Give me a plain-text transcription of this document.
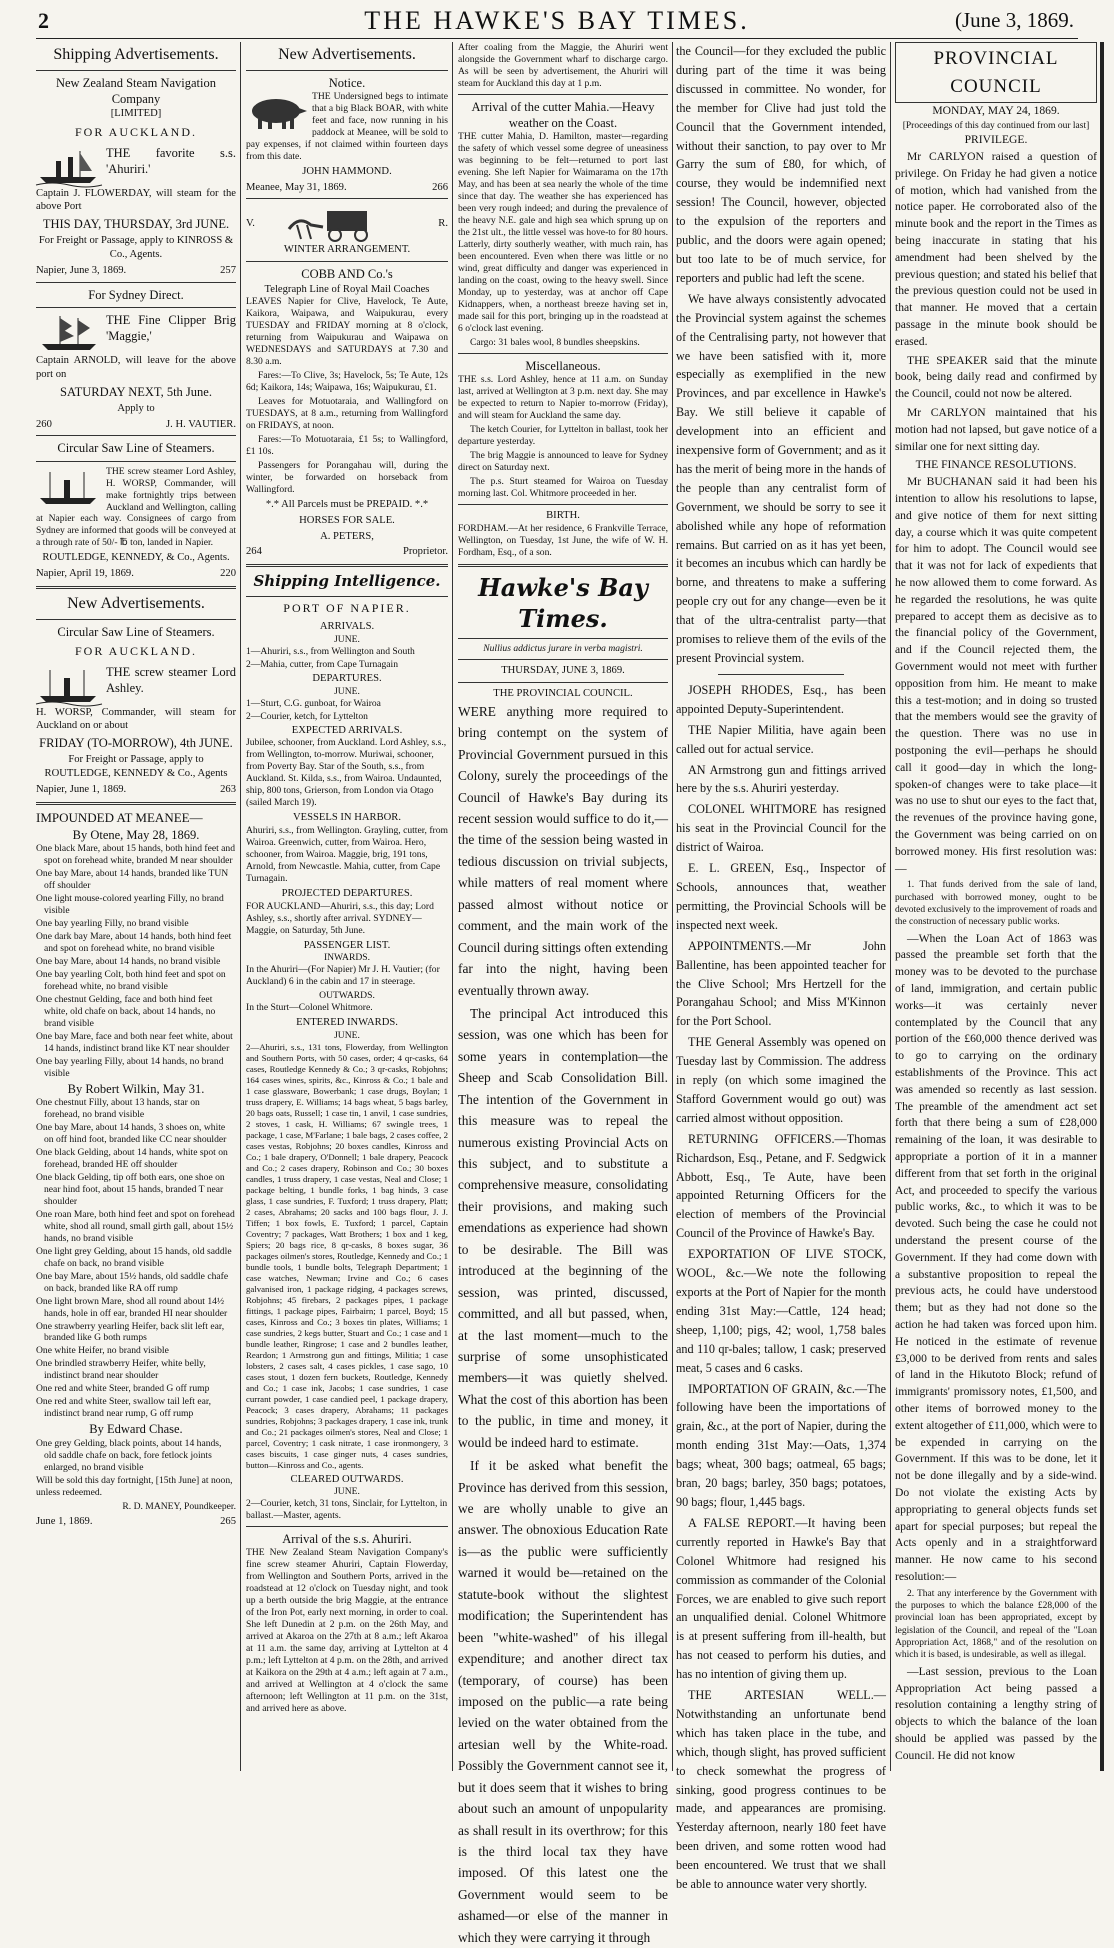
2	THE HAWKE'S BAY TIMES.	(June 3, 1869.
Shipping Advertisements.
New Zealand Steam Navigation Company
[LIMITED]
FOR AUCKLAND.

THE favorite s.s. 'Ahuriri.'

Captain J. FLOWERDAY, will steam for the above Port

THIS DAY, THURSDAY, 3rd JUNE.

For Freight or Passage, apply to KINROSS & Co., Agents.

Napier, June 3, 1869.	257
For Sydney Direct.

THE Fine Clipper Brig 'Maggie,'

Captain ARNOLD, will leave for the above port on

SATURDAY NEXT, 5th June.

Apply to

260	J. H. VAUTIER.
Circular Saw Line of Steamers.

THE screw steamer Lord Ashley, H. WORSP, Commander, will make fortnightly trips between Auckland and Wellington, calling at Napier each way. Consignees of cargo from Sydney are informed that goods will be conveyed at a through rate of 50/- ℔ ton, landed in Napier.

ROUTLEDGE, KENNEDY, & Co., Agents.

Napier, April 19, 1869.	220
New Advertisements.
Circular Saw Line of Steamers.
FOR AUCKLAND.

THE screw steamer Lord Ashley.

H. WORSP, Commander, will steam for Auckland on or about

FRIDAY (TO-MORROW), 4th JUNE.

For Freight or Passage, apply to ROUTLEDGE, KENNEDY & Co., Agents

Napier, June 1, 1869.	263
IMPOUNDED AT MEANEE—
By Otene, May 28, 1869.
One black Mare, about 15 hands, both hind feet and spot on forehead white, branded M near shoulder
One bay Mare, about 14 hands, branded like TUN off shoulder
One light mouse-colored yearling Filly, no brand visible
One bay yearling Filly, no brand visible
One dark bay Mare, about 14 hands, both hind feet and spot on forehead white, no brand visible
One bay Mare, about 14 hands, no brand visible
One bay yearling Colt, both hind feet and spot on forehead white, no brand visible
One chestnut Gelding, face and both hind feet white, old chafe on back, about 14 hands, no brand visible
One bay Mare, face and both near feet white, about 14 hands, indistinct brand like KT near shoulder
One bay yearling Filly, about 14 hands, no brand visible
By Robert Wilkin, May 31.
One chestnut Filly, about 13 hands, star on forehead, no brand visible
One bay Mare, about 14 hands, 3 shoes on, white on off hind foot, branded like CC near shoulder
One black Gelding, about 14 hands, white spot on forehead, branded HE off shoulder
One black Gelding, tip off both ears, one shoe on near hind foot, about 15 hands, branded T near shoulder
One roan Mare, both hind feet and spot on forehead white, shod all round, small girth gall, about 15½ hands, no brand visible
One light grey Gelding, about 15 hands, old saddle chafe on back, no brand visible
One bay Mare, about 15½ hands, old saddle chafe on back, branded like RA off rump
One light brown Mare, shod all round about 14½ hands, hole in off ear, branded HI near shoulder
One strawberry yearling Heifer, back slit left ear, branded like G both rumps
One white Heifer, no brand visible
One brindled strawberry Heifer, white belly, indistinct brand near shoulder
One red and white Steer, branded G off rump
One red and white Steer, swallow tail left ear, indistinct brand near rump, G off rump
By Edward Chase.
One grey Gelding, black points, about 14 hands, old saddle chafe on back, fore fetlock joints enlarged, no brand visible

Will be sold this day fortnight, [15th June] at noon, unless redeemed.

R. D. MANEY, Poundkeeper.

June 1, 1869.	265
New Advertisements.
Notice.

THE Undersigned begs to intimate that a big Black BOAR, with white feet and face, now running in his paddock at Meanee, will be sold to pay expenses, if not claimed within fourteen days from this date.

JOHN HAMMOND.

Meanee, May 31, 1869.	266
V.	R.
WINTER ARRANGEMENT.
COBB AND Co.'s
Telegraph Line of Royal Mail Coaches

LEAVES Napier for Clive, Havelock, Te Aute, Kaikora, Waipawa, and Waipukurau, every TUESDAY and FRIDAY morning at 8 o'clock, returning from Waipukurau and Waipawa on WEDNESDAYS and SATURDAYS at 7.30 and 8.30 a.m.

Fares:—To Clive, 3s; Havelock, 5s; Te Aute, 12s 6d; Kaikora, 14s; Waipawa, 16s; Waipukurau, £1.

Leaves for Motuotaraia, and Wallingford on TUESDAYS, at 8 a.m., returning from Wallingford on FRIDAYS, at noon.

Fares:—To Motuotaraia, £1 5s; to Wallingford, £1 10s.

Passengers for Porangahau will, during the winter, be forwarded on horseback from Wallingford.

*.* All Parcels must be PREPAID. *.*

HORSES FOR SALE.

A. PETERS,

264	Proprietor.
Shipping Intelligence.
PORT OF NAPIER.
ARRIVALS.
JUNE.
1—Ahuriri, s.s., from Wellington and South
2—Mahia, cutter, from Cape Turnagain
DEPARTURES.
JUNE.
1—Sturt, C.G. gunboat, for Wairoa
2—Courier, ketch, for Lyttelton
EXPECTED ARRIVALS.

Jubilee, schooner, from Auckland. Lord Ashley, s.s., from Wellington, to-morrow. Muriwai, schooner, from Poverty Bay. Star of the South, s.s., from Auckland. St. Kilda, s.s., from Wairoa. Undaunted, ship, 800 tons, Grierson, from London via Otago (sailed March 19).

VESSELS IN HARBOR.

Ahuriri, s.s., from Wellington. Grayling, cutter, from Wairoa. Greenwich, cutter, from Wairoa. Hero, schooner, from Wairoa. Maggie, brig, 191 tons, Arnold, from Newcastle. Mahia, cutter, from Cape Turnagain.

PROJECTED DEPARTURES.

FOR AUCKLAND—Ahuriri, s.s., this day; Lord Ashley, s.s., shortly after arrival. SYDNEY—Maggie, on Saturday, 5th June.

PASSENGER LIST.
INWARDS.

In the Ahuriri—(For Napier) Mr J. H. Vautier; (for Auckland) 6 in the cabin and 17 in steerage.

OUTWARDS.

In the Sturt—Colonel Whitmore.

ENTERED INWARDS.
JUNE.

2—Ahuriri, s.s., 131 tons, Flowerday, from Wellington and Southern Ports, with 50 cases, order; 4 qr-casks, 64 cases, Routledge Kennedy & Co.; 3 qr-casks, Robjohns; 164 cases wines, spirits, &c., Kinross & Co.; 1 bale and 1 case glassware, Bowerbank; 1 case drugs, Boylan; 1 truss drapery, E. Williams; 14 bags wheat, 5 bags barley, 20 bags oats, Russell; 1 case tin, 1 anvil, 1 case sundries, 2 stoves, 1 cask, H. Williams; 67 swingle trees, 1 package, 1 case, M'Farlane; 1 bale bags, 2 cases coffee, 2 cases vestas, Robjohns; 20 boxes candles, Kinross and Co.; 1 bale drapery, O'Donnell; 1 bale drapery, Peacock and Co.; 2 cases drapery, Robinson and Co.; 30 boxes candles, 1 truss drapery, 1 case vestas, Neal and Close; 1 package belting, 1 bundle forks, 1 bag hinds, 3 case glass, 1 case sundries, F. Tuxford; 1 truss drapery, Platt; 2 cases, Abrahams; 20 sacks and 100 bags flour, J. J. Tiffen; 1 box fowls, E. Tuxford; 1 parcel, Captain Coventry; 7 packages, Watt Brothers; 1 box and 1 keg, Spiers; 20 bags rice, 8 qr-casks, 8 boxes sugar, 36 packages oilmen's stores, Routledge, Kennedy and Co.; 1 bundle tools, 1 bundle bolts, Telegraph Department; 1 case watches, Newman; Irvine and Co.; 6 cases galvanised iron, 1 package ridging, 4 packages screws, Robjohns; 45 firebars, 2 packages pipes, 1 package fittings, 1 package pipes, Fairbairn; 1 parcel, Boyd; 15 cases, Kinross and Co.; 3 boxes tin plates, Williams; 1 case sundries, 2 kegs butter, Stuart and Co.; 1 case and 1 bundle leather, Ringrose; 1 case and 2 bundles leather, Reardon; 1 Armstrong gun and fittings, Militia; 1 case lobsters, 2 cases salt, 4 cases pickles, 1 case sago, 10 cases stout, 1 dozen fern buckets, Routledge, Kennedy and Co.; 1 case ink, Jacobs; 1 case sundries, 1 case currant powder, 1 case candied peel, 1 package drapery, Peacock; 3 cases drapery, Abrahams; 11 packages sundries, Robjohns; 3 packages drapery, 1 case ink, trunk and Co.; 21 packages oilmen's stores, Neal and Close; 1 parcel, Coventry; 1 cask nitrate, 1 case ironmongery, 3 cases biscuits, 1 case ginger nuts, 4 cases sundries, button—Kinross and Co., agents.

CLEARED OUTWARDS.
JUNE.

2—Courier, ketch, 31 tons, Sinclair, for Lyttelton, in ballast.—Master, agents.

Arrival of the s.s. Ahuriri.

THE New Zealand Steam Navigation Company's fine screw steamer Ahuriri, Captain Flowerday, from Wellington and Southern Ports, arrived in the roadstead at 12 o'clock on Tuesday night, and took up a berth outside the brig Maggie, at the entrance of the Iron Pot, early next morning, in order to coal. She left Dunedin at 2 p.m. on the 26th May, and arrived at Akaroa on the 27th at 8 a.m.; left Akaroa at 11 a.m. the same day, arriving at Lyttelton at 4 p.m.; left Lyttelton at 4 p.m. on the 28th, and arrived at Kaikora on the 29th at 4 a.m.; left again at 7 a.m., and arrived at Wellington at 4 o'clock the same afternoon; left Wellington at 11 p.m. on the 31st, and arrived here as above.

After coaling from the Maggie, the Ahuriri went alongside the Government wharf to discharge cargo. As will be seen by advertisement, the Ahuriri will steam for Auckland this day at 1 p.m.

Arrival of the cutter Mahia.—Heavy weather on the Coast.

THE cutter Mahia, D. Hamilton, master—regarding the safety of which vessel some degree of uneasiness was beginning to be felt—returned to port last evening. She left Napier for Waimarama on the 17th May, and has been at sea nearly the whole of the time since that day. The weather she has experienced has been very rough indeed; and during the prevalence of the heavy N.E. gale and high sea which sprung up on the 21st ult., the little vessel was hove-to for 80 hours. Latterly, dirty southerly weather, with much rain, has been encountered. Even when there was little or no wind, great difficulty and danger was experienced in landing on the coast, owing to the heavy swell. Since Monday, up to yesterday, was at anchor off Cape Kidnappers, when, a northeast breeze having set in, made sail for this port, bringing up in the roadstead at 6 o'clock last evening.

Cargo: 31 bales wool, 8 bundles sheepskins.

Miscellaneous.

THE s.s. Lord Ashley, hence at 11 a.m. on Sunday last, arrived at Wellington at 3 p.m. next day. She may be expected to return to Napier to-morrow (Friday), and will steam for Auckland the same day.

The ketch Courier, for Lyttelton in ballast, took her departure yesterday.

The brig Maggie is announced to leave for Sydney direct on Saturday next.

The p.s. Sturt steamed for Wairoa on Tuesday morning last. Col. Whitmore proceeded in her.

BIRTH.

FORDHAM.—At her residence, 6 Frankville Terrace, Wellington, on Tuesday, 1st June, the wife of W. H. Fordham, Esq., of a son.

Hawke's Bay Times.
Nullius addictus jurare in verba magistri.
THURSDAY, JUNE 3, 1869.
THE PROVINCIAL COUNCIL.

WERE anything more required to bring contempt on the system of Provincial Government pursued in this Colony, surely the proceedings of the Council of Hawke's Bay during its recent session would suffice to do it,—the time of the session being wasted in tedious discussion on trivial subjects, while matters of real moment where passed almost without notice or comment, and the main work of the Council during sittings often extending far into the night, having been eventually thrown away.

The principal Act introduced this session, was one which has been for some years in contemplation—the Sheep and Scab Consolidation Bill. The intention of the Government in this measure was to repeal the numerous existing Provincial Acts on this subject, and to substitute a comprehensive measure, consolidating their provisions, and making such emendations as experience had shown to be desirable. The Bill was introduced at the beginning of the session, was printed, discussed, committed, and all but passed, when, at the last moment—much to the surprise of some unsophisticated members—it was quietly shelved. What the cost of this abortion has been to the public, in time and money, it would be indeed hard to estimate.

If it be asked what benefit the Province has derived from this session, we are wholly unable to give an answer. The obnoxious Education Rate is—as the public were sufficiently warned it would be—retained on the statute-book without the slightest modification; the Superintendent has been "white-washed" of his illegal expenditure; and another direct tax (temporary, of course) has been imposed on the public—a rate being levied on the water obtained from the artesian well by the White-road. Possibly the Government cannot see it, but it does seem that it wishes to bring about such an amount of unpopularity as shall result in its overthrow; for this is the third local tax they have imposed. Of this latest one the Government would seem to be ashamed—or else of the manner in which they were carrying it through

the Council—for they excluded the public during part of the time it was being discussed in committee. No wonder, for the member for Clive had just told the Council that the Government intended, without their sanction, to pay over to Mr Garry the sum of £80, for which, of course, they would be indemnified next session! The Council, however, objected to the expulsion of the reporters and public, and the doors were again opened; but too late to be of much service, for reporters and public had left the scene.

We have always consistently advocated the Provincial system against the schemes of the Centralising party, not however that we have been satisfied with it, more especially as exemplified in the new Provinces, and par excellence in Hawke's Bay. We still believe it capable of development into an efficient and inexpensive form of Government; and as it has the merit of being more in the hands of the people than any centralist form of Government, we should be sorry to see it abolished while any hope of reformation remains. But carried on as it has yet been, it becomes an incubus which can hardly be borne, and threatens to make a suffering people cry out for any change—even be it that of the ultra-centralist party—that promises to relieve them of the evils of the present Provincial system.

JOSEPH RHODES, Esq., has been appointed Deputy-Superintendent.

THE Napier Militia, have again been called out for actual service.

AN Armstrong gun and fittings arrived here by the s.s. Ahuriri yesterday.

COLONEL WHITMORE has resigned his seat in the Provincial Council for the district of Wairoa.

E. L. GREEN, Esq., Inspector of Schools, announces that, weather permitting, the Provincial Schools will be inspected next week.

APPOINTMENTS.—Mr John Ballentine, has been appointed teacher for the Clive School; Mrs Hertzell for the Porangahau School; and Miss M'Kinnon for the Port School.

THE General Assembly was opened on Tuesday last by Commission. The address in reply (on which some imagined the Stafford Government would go out) was carried almost without opposition.

RETURNING OFFICERS.—Thomas Richardson, Esq., Petane, and F. Sedgwick Abbott, Esq., Te Aute, have been appointed Returning Officers for the election of members of the Provincial Council of the Province of Hawke's Bay.

EXPORTATION OF LIVE STOCK, WOOL, &c.—We note the following exports at the Port of Napier for the month ending 31st May:—Cattle, 124 head; sheep, 1,100; pigs, 42; wool, 1,758 bales and 110 qr-bales; tallow, 1 cask; preserved meat, 5 cases and 6 casks.

IMPORTATION OF GRAIN, &c.—The following have been the importations of grain, &c., at the port of Napier, during the month ending 31st May:—Oats, 1,374 bags; wheat, 300 bags; oatmeal, 65 bags; bran, 20 bags; barley, 350 bags; potatoes, 90 bags; flour, 1,445 bags.

A FALSE REPORT.—It having been currently reported in Hawke's Bay that Colonel Whitmore had resigned his commission as commander of the Colonial Forces, we are enabled to give such report an unqualified denial. Colonel Whitmore is at present suffering from ill-health, but has not ceased to perform his duties, and has no intention of giving them up.

THE ARTESIAN WELL.—Notwithstanding an unfortunate bend which has taken place in the tube, and which, though slight, has proved sufficient to check somewhat the progress of sinking, good progress continues to be made, and appearances are promising. Yesterday afternoon, nearly 180 feet have been driven, and some rotten wood had been encountered. We trust that we shall be able to announce water very shortly.

PROVINCIAL COUNCIL
MONDAY, MAY 24, 1869.
[Proceedings of this day continued from our last]
PRIVILEGE.

Mr CARLYON raised a question of privilege. On Friday he had given a notice of motion, which had vanished from the notice paper. He corroborated also of the minute book and the report in the Times as being inaccurate in stating that his amendment had been shelved by the previous question; and stated his belief that the previous question could not be used in that manner. He moved that a certain passage in the minute book should be erased.

THE SPEAKER said that the minute book, being daily read and confirmed by the Council, could not now be altered.

Mr CARLYON maintained that his motion had not lapsed, but gave notice of a similar one for next sitting day.

THE FINANCE RESOLUTIONS.

Mr BUCHANAN said it had been his intention to allow his resolutions to lapse, and give notice of them for next sitting day, a course which it was quite competent for him to adopt. The Council would see that it was not for lack of expedients that he now allowed them to come forward. As he regarded the resolutions, he was quite prepared to accept them as decisive as to the financial policy of the Government, and if the Council rejected them, the Government would not meet with further opposition from him. He meant to make this a test-motion; and in doing so trusted that the members would see the gravity of the question. There was no use in postponing the evil—perhaps he should call it good—day in which the long-spoken-of changes were to take place—it was no use to shut our eyes to the fact that, the revenues of the province having gone, the Government was being carried on on borrowed money. His first resolution was:—

1. That funds derived from the sale of land, purchased with borrowed money, ought to be devoted exclusively to the improvement of roads and the construction of necessary public works.

—When the Loan Act of 1863 was passed the preamble set forth that the money was to be devoted to the purchase of land, immigration, and certain public works—it was certainly never contemplated by the Council that any portion of the £60,000 thence derived was to go to carrying on the ordinary establishments of the Province. This act was amended so recently as last session. The preamble of the amendment act set forth that there being a sum of £28,000 remaining of the loan, it was desirable to appropriate a portion of it in a manner different from that set forth in the original Act, and proceeded to specify the various public works, &c., to which it was to be devoted. Such being the case he could not understand the present course of the Government. If they had come down with a substantive proposition to repeal the previous acts, he could have understood them; but as they had not done so the action he had taken was forced upon him. He noticed in the estimate of revenue £3,000 to be derived from rents and sales of land in the Hikutoto Block; refund of immigrants' promissory notes, £1,500, and other items of borrowed money to the extent altogether of £11,000, which were to be expended in carrying on the Government. If this was to be done, let it not be done illegally and by a side-wind. Do not violate the existing Acts by appropriating to general objects funds set apart for special purposes; but repeal the Acts openly and in a straightforward manner. He now came to his second resolution:—

2. That any interference by the Government with the purposes to which the balance £28,000 of the provincial loan has been appropriated, except by legislation of the Council, and repeal of the "Loan Appropriation Act, 1868," and of the resolution on which it is based, is undesirable, as well as illegal.

—Last session, previous to the Loan Appropriation Act being passed a resolution containing a lengthy string of objects to which the balance of the loan should be applied was passed by the Council. He did not know
